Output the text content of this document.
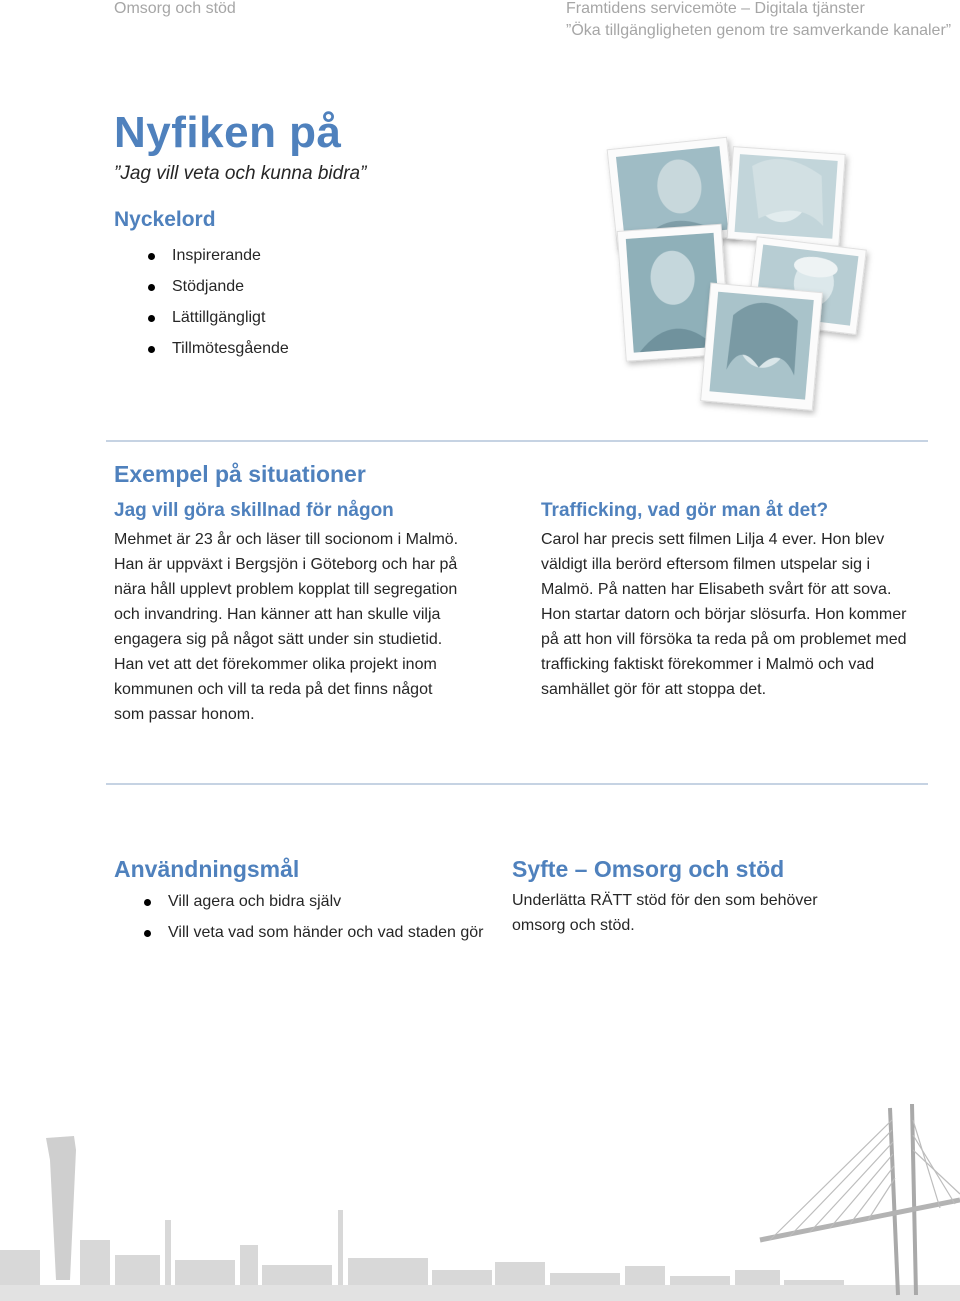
Omsorg och stöd	Framtidens servicemöte – Digitala tjänster
”Öka tillgängligheten genom tre samverkande kanaler”
Nyfiken på
”Jag vill veta och kunna bidra”
Nyckelord
Inspirerande
Stödjande
Lättillgängligt
Tillmötesgående
Exempel på situationer
Jag vill göra skillnad för någon

Mehmet är 23 år och läser till socionom i Malmö.

Han är uppväxt i Bergsjön i Göteborg och har på

nära håll upplevt problem kopplat till segregation

och invandring. Han känner att han skulle vilja

engagera sig på något sätt under sin studietid.

Han vet att det förekommer olika projekt inom

kommunen och vill ta reda på det finns något

som passar honom.

Trafficking, vad gör man åt det?

Carol har precis sett filmen Lilja 4 ever. Hon blev

väldigt illa berörd eftersom filmen utspelar sig i

Malmö. På natten har Elisabeth svårt för att sova.

Hon startar datorn och börjar slösurfa. Hon kommer

på att hon vill försöka ta reda på om problemet med

trafficking faktiskt förekommer i Malmö och vad

samhället gör för att stoppa det.

Användningsmål
Vill agera och bidra själv
Vill veta vad som händer och vad staden gör
Syfte – Omsorg och stöd

Underlätta RÄTT stöd för den som behöver

omsorg och stöd.
